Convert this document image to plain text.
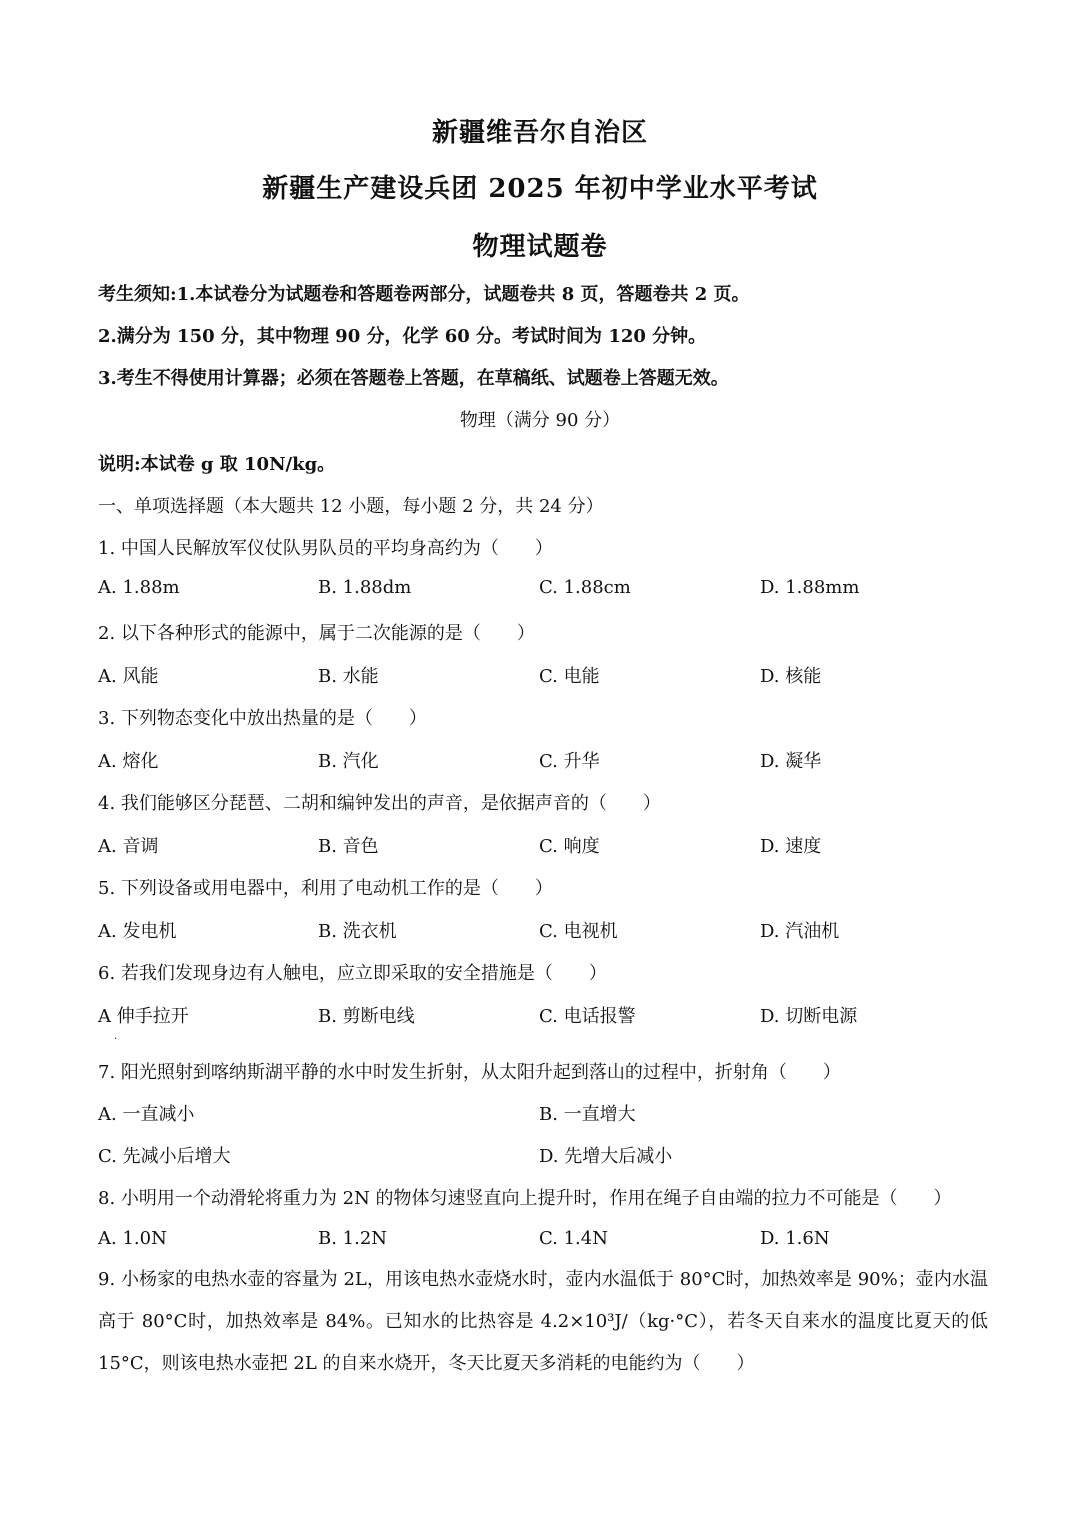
新疆维吾尔自治区
新疆生产建设兵团 2025 年初中学业水平考试
物理试题卷
考生须知:1.本试卷分为试题卷和答题卷两部分，试题卷共 8 页，答题卷共 2 页。
2.满分为 150 分，其中物理 90 分，化学 60 分。考试时间为 120 分钟。
3.考生不得使用计算器；必须在答题卷上答题，在草稿纸、试题卷上答题无效。
物理（满分 90 分）
说明:本试卷 g 取 10N/kg。
一、单项选择题（本大题共 12 小题，每小题 2 分，共 24 分）
1. 中国人民解放军仪仗队男队员的平均身高约为（　　）
A. 1.88m	B. 1.88dm	C. 1.88cm	D. 1.88mm
2. 以下各种形式的能源中，属于二次能源的是（　　）
A. 风能	B. 水能	C. 电能	D. 核能
3. 下列物态变化中放出热量的是（　　）
A. 熔化	B. 汽化	C. 升华	D. 凝华
4. 我们能够区分琵琶、二胡和编钟发出的声音，是依据声音的（　　）
A. 音调	B. 音色	C. 响度	D. 速度
5. 下列设备或用电器中，利用了电动机工作的是（　　）
A. 发电机	B. 洗衣机	C. 电视机	D. 汽油机
6. 若我们发现身边有人触电，应立即采取的安全措施是（　　）
A 伸手拉开	B. 剪断电线	C. 电话报警	D. 切断电源
·
7. 阳光照射到喀纳斯湖平静的水中时发生折射，从太阳升起到落山的过程中，折射角（　　）
A. 一直减小	B. 一直增大
C. 先减小后增大	D. 先增大后减小
8. 小明用一个动滑轮将重力为 2N 的物体匀速竖直向上提升时，作用在绳子自由端的拉力不可能是（　　）
A. 1.0N	B. 1.2N	C. 1.4N	D. 1.6N
9. 小杨家的电热水壶的容量为 2L，用该电热水壶烧水时，壶内水温低于 80°C时，加热效率是 90%；壶内水温高于 80°C时，加热效率是 84%。已知水的比热容是 4.2×10³J/（kg·°C），若冬天自来水的温度比夏天的低 15°C，则该电热水壶把 2L 的自来水烧开，冬天比夏天多消耗的电能约为（　　）
